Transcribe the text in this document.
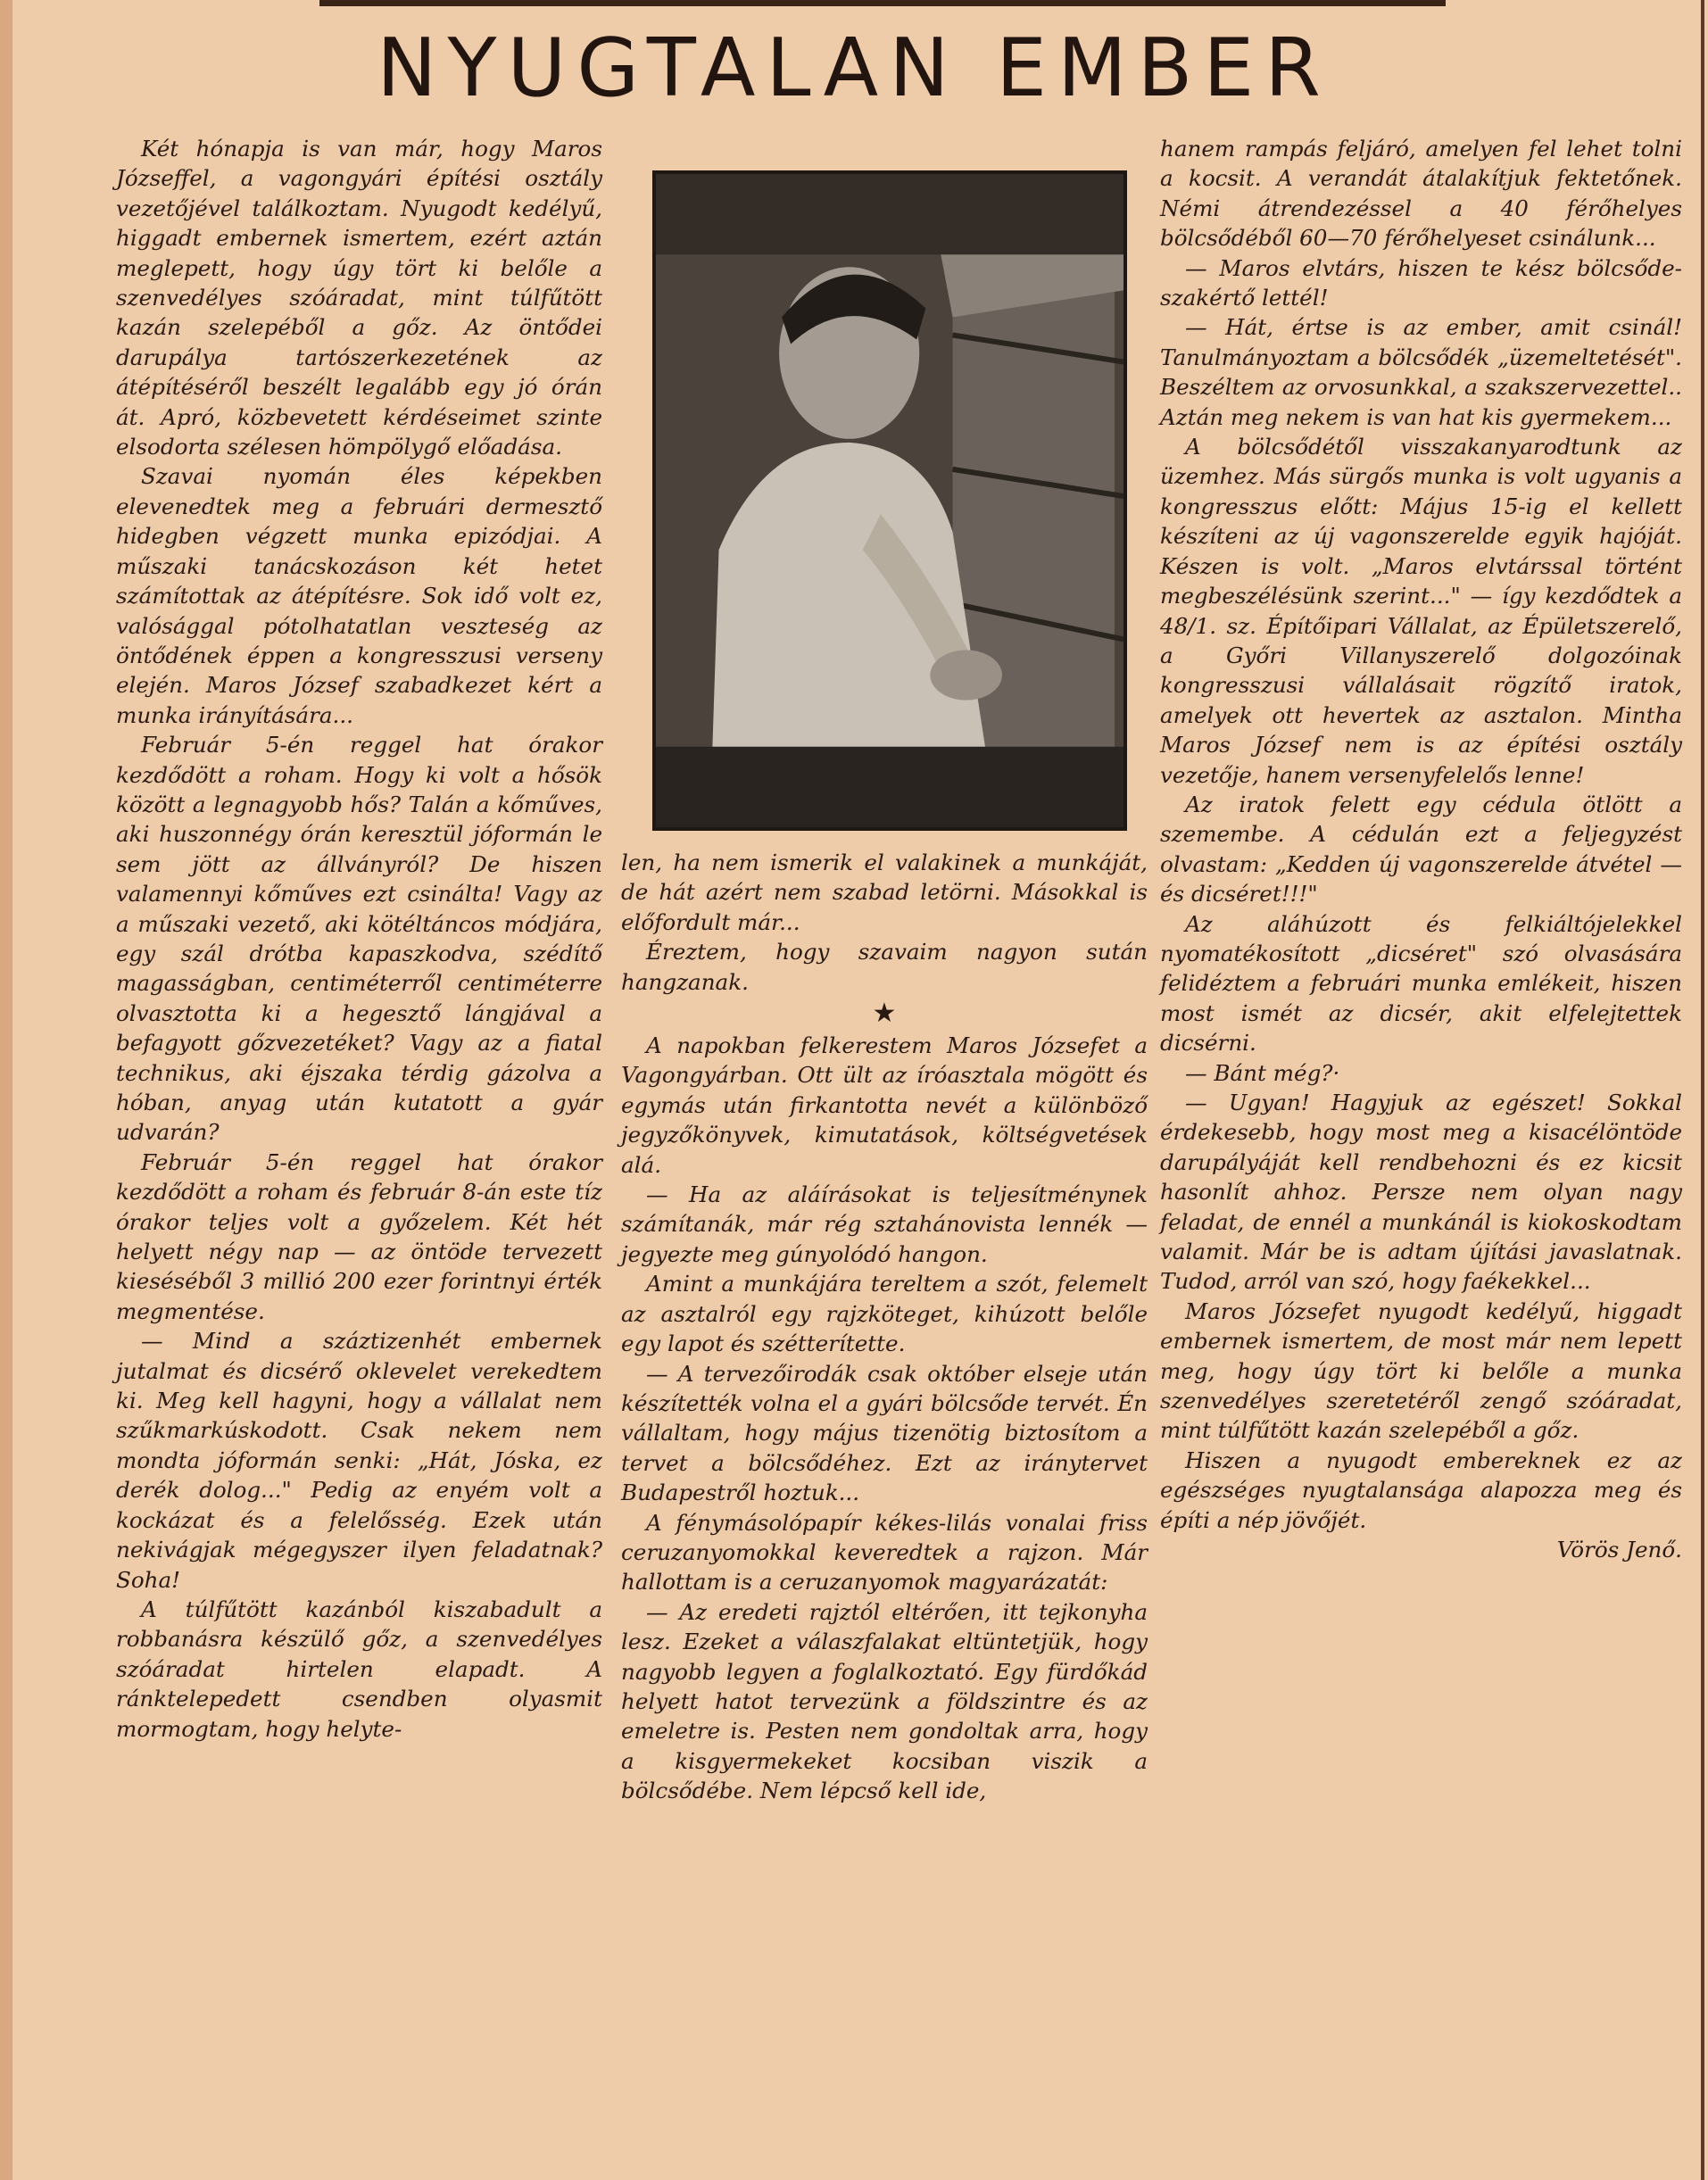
NYUGTALAN EMBER

Két hónapja is van már, hogy Maros Józseffel, a vagongyári építési osztály vezetőjével találkoztam. Nyugodt kedélyű, higgadt embernek ismertem, ezért aztán meglepett, hogy úgy tört ki belőle a szenvedélyes szóáradat, mint túlfűtött kazán szelepéből a gőz. Az öntődei darupálya tartószerkezetének az átépítéséről beszélt legalább egy jó órán át. Apró, közbevetett kérdéseimet szinte elsodorta szélesen hömpölygő előadása.

Szavai nyomán éles képekben elevenedtek meg a februári dermesztő hidegben végzett munka epizódjai. A műszaki tanácskozáson két hetet számítottak az átépítésre. Sok idő volt ez, valósággal pótolhatatlan veszteség az öntődének éppen a kongresszusi verseny elején. Maros József szabadkezet kért a munka irányítására...

Február 5-én reggel hat órakor kezdődött a roham. Hogy ki volt a hősök között a legnagyobb hős? Talán a kőműves, aki huszonnégy órán keresztül jóformán le sem jött az állványról? De hiszen valamennyi kőműves ezt csinálta! Vagy az a műszaki vezető, aki kötéltáncos módjára, egy szál drótba kapaszkodva, szédítő magasságban, centiméterről centiméterre olvasztotta ki a hegesztő lángjával a befagyott gőzvezetéket? Vagy az a fiatal technikus, aki éjszaka térdig gázolva a hóban, anyag után kutatott a gyár udvarán?

Február 5-én reggel hat órakor kezdődött a roham és február 8-án este tíz órakor teljes volt a győzelem. Két hét helyett négy nap — az öntöde tervezett kieséséből 3 millió 200 ezer forintnyi érték megmentése.

— Mind a száztizenhét embernek jutalmat és dicsérő oklevelet verekedtem ki. Meg kell hagyni, hogy a vállalat nem szűkmarkúskodott. Csak nekem nem mondta jóformán senki: „Hát, Jóska, ez derék dolog..." Pedig az enyém volt a kockázat és a felelősség. Ezek után nekivágjak mégegyszer ilyen feladatnak? Soha!

A túlfűtött kazánból kiszabadult a robbanásra készülő gőz, a szenvedélyes szóáradat hirtelen elapadt. A ránktelepedett csendben olyasmit mormogtam, hogy helyte-

len, ha nem ismerik el valakinek a munkáját, de hát azért nem szabad letörni. Másokkal is előfordult már...

Éreztem, hogy szavaim nagyon sután hangzanak.

★

A napokban felkerestem Maros Józsefet a Vagongyárban. Ott ült az íróasztala mögött és egymás után firkantotta nevét a különböző jegyzőkönyvek, kimutatások, költségvetések alá.

— Ha az aláírásokat is teljesítménynek számítanák, már rég sztahánovista lennék — jegyezte meg gúnyolódó hangon.

Amint a munkájára tereltem a szót, felemelt az asztalról egy rajzköteget, kihúzott belőle egy lapot és szétterítette.

— A tervezőirodák csak október elseje után készítették volna el a gyári bölcsőde tervét. Én vállaltam, hogy május tizenötig biztosítom a tervet a bölcsődéhez. Ezt az iránytervet Budapestről hoztuk...

A fénymásolópapír kékes-lilás vonalai friss ceruzanyomokkal keveredtek a rajzon. Már hallottam is a ceruzanyomok magyarázatát:

— Az eredeti rajztól eltérően, itt tejkonyha lesz. Ezeket a válaszfalakat eltüntetjük, hogy nagyobb legyen a foglalkoztató. Egy fürdőkád helyett hatot tervezünk a földszintre és az emeletre is. Pesten nem gondoltak arra, hogy a kisgyermekeket kocsiban viszik a bölcsődébe. Nem lépcső kell ide,

hanem rampás feljáró, amelyen fel lehet tolni a kocsit. A verandát átalakítjuk fektetőnek. Némi átrendezéssel a 40 férőhelyes bölcsődéből 60—70 férőhelyeset csinálunk...

— Maros elvtárs, hiszen te kész bölcsőde-szakértő lettél!

— Hát, értse is az ember, amit csinál! Tanulmányoztam a bölcsődék „üzemeltetését". Beszéltem az orvosunkkal, a szakszervezettel.. Aztán meg nekem is van hat kis gyermekem...

A bölcsődétől visszakanyarodtunk az üzemhez. Más sürgős munka is volt ugyanis a kongresszus előtt: Május 15-ig el kellett készíteni az új vagonszerelde egyik hajóját. Készen is volt. „Maros elvtárssal történt megbeszélésünk szerint..." — így kezdődtek a 48/1. sz. Építőipari Vállalat, az Épületszerelő, a Győri Villanyszerelő dolgozóinak kongresszusi vállalásait rögzítő iratok, amelyek ott hevertek az asztalon. Mintha Maros József nem is az építési osztály vezetője, hanem versenyfelelős lenne!

Az iratok felett egy cédula ötlött a szemembe. A cédulán ezt a feljegyzést olvastam: „Kedden új vagonszerelde átvétel — és dicséret!!!"

Az aláhúzott és felkiáltójelekkel nyomatékosított „dicséret" szó olvasására felidéztem a februári munka emlékeit, hiszen most ismét az dicsér, akit elfelejtettek dicsérni.

— Bánt még?·

— Ugyan! Hagyjuk az egészet! Sokkal érdekesebb, hogy most meg a kisacélöntöde darupályáját kell rendbehozni és ez kicsit hasonlít ahhoz. Persze nem olyan nagy feladat, de ennél a munkánál is kiokoskodtam valamit. Már be is adtam újítási javaslatnak. Tudod, arról van szó, hogy faékekkel...

Maros Józsefet nyugodt kedélyű, higgadt embernek ismertem, de most már nem lepett meg, hogy úgy tört ki belőle a munka szenvedélyes szeretetéről zengő szóáradat, mint túlfűtött kazán szelepéből a gőz.

Hiszen a nyugodt embereknek ez az egészséges nyugtalansága alapozza meg és építi a nép jövőjét.

Vörös Jenő.
